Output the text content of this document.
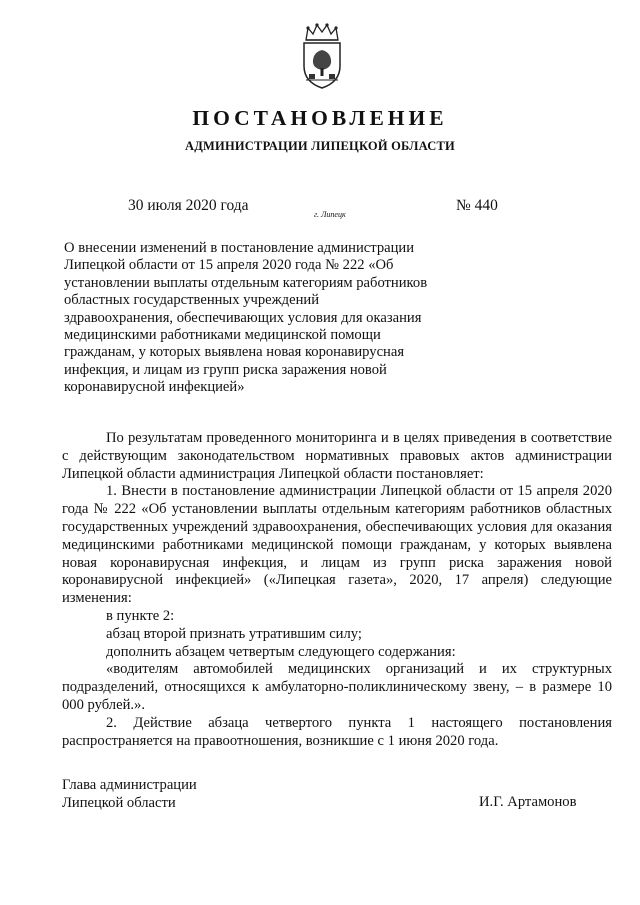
ПОСТАНОВЛЕНИЕ
АДМИНИСТРАЦИИ ЛИПЕЦКОЙ ОБЛАСТИ
30 июля 2020 года
г. Липецк
№ 440
О внесении изменений в постановление администрации
Липецкой области от 15 апреля 2020 года № 222 «Об
установлении выплаты отдельным категориям работников
областных государственных учреждений
здравоохранения, обеспечивающих условия для оказания
медицинскими работниками медицинской помощи
гражданам, у которых выявлена новая коронавирусная
инфекция, и лицам из групп риска заражения новой
коронавирусной инфекцией»

По результатам проведенного мониторинга и в целях приведения в соответствие с действующим законодательством нормативных правовых актов администрации Липецкой области администрация Липецкой области постановляет:

1. Внести в постановление администрации Липецкой области от 15 апреля 2020 года № 222 «Об установлении выплаты отдельным категориям работников областных государственных учреждений здравоохранения, обеспечивающих условия для оказания медицинскими работниками медицинской помощи гражданам, у которых выявлена новая коронавирусная инфекция, и лицам из групп риска заражения новой коронавирусной инфекцией» («Липецкая газета», 2020, 17 апреля) следующие изменения:

в пункте 2:

абзац второй признать утратившим силу;

дополнить абзацем четвертым следующего содержания:

«водителям автомобилей медицинских организаций и их структурных подразделений, относящихся к амбулаторно-поликлиническому звену, – в размере 10 000 рублей.».

2. Действие абзаца четвертого пункта 1 настоящего постановления распространяется на правоотношения, возникшие с 1 июня 2020 года.

Глава администрации
Липецкой области	И.Г. Артамонов
